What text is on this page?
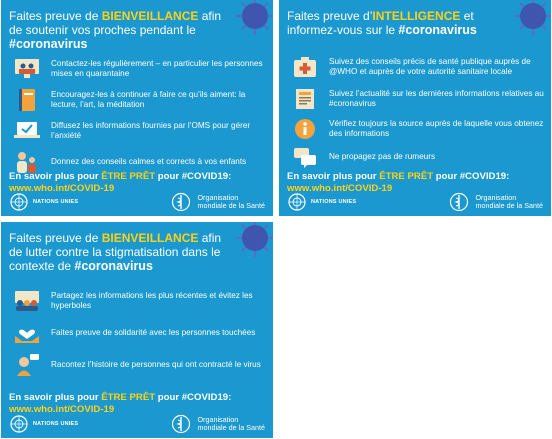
Faites preuve de BIENVEILLANCE afin de soutenir vos proches pendant le
#coronavirus
Contactez-les régulièrement – en particulier les personnes mises en quarantaine
Encouragez-les à continuer à faire ce qu’ils aiment: la lecture, l’art, la méditation
Diffusez les informations fournies par l’OMS pour gérer l’anxiété
Donnez des conseils calmes et corrects à vos enfants
En savoir plus pour ÊTRE PRÊT pour #COVID19:
www.who.int/COVID-19
NATIONS UNIES	Organisation
mondiale de la Santé
Faites preuve d’INTELLIGENCE et informez-vous sur le #coronavirus
Suivez des conseils précis de santé publique auprès de @WHO et auprès de votre autorité sanitaire locale
Suivez l’actualité sur les dernières informations relatives au #coronavirus
Vérifiez toujours la source auprès de laquelle vous obtenez des informations
Ne propagez pas de rumeurs
En savoir plus pour ÊTRE PRÊT pour #COVID19:
www.who.int/COVID-19
NATIONS UNIES	Organisation
mondiale de la Santé
Faites preuve de BIENVEILLANCE afin de lutter contre la stigmatisation dans le contexte de #coronavirus
Partagez les informations les plus récentes et évitez les hyperboles
Faites preuve de solidarité avec les personnes touchées
Racontez l’histoire de personnes qui ont contracté le virus
En savoir plus pour ÊTRE PRÊT pour #COVID19:
www.who.int/COVID-19
NATIONS UNIES	Organisation
mondiale de la Santé
